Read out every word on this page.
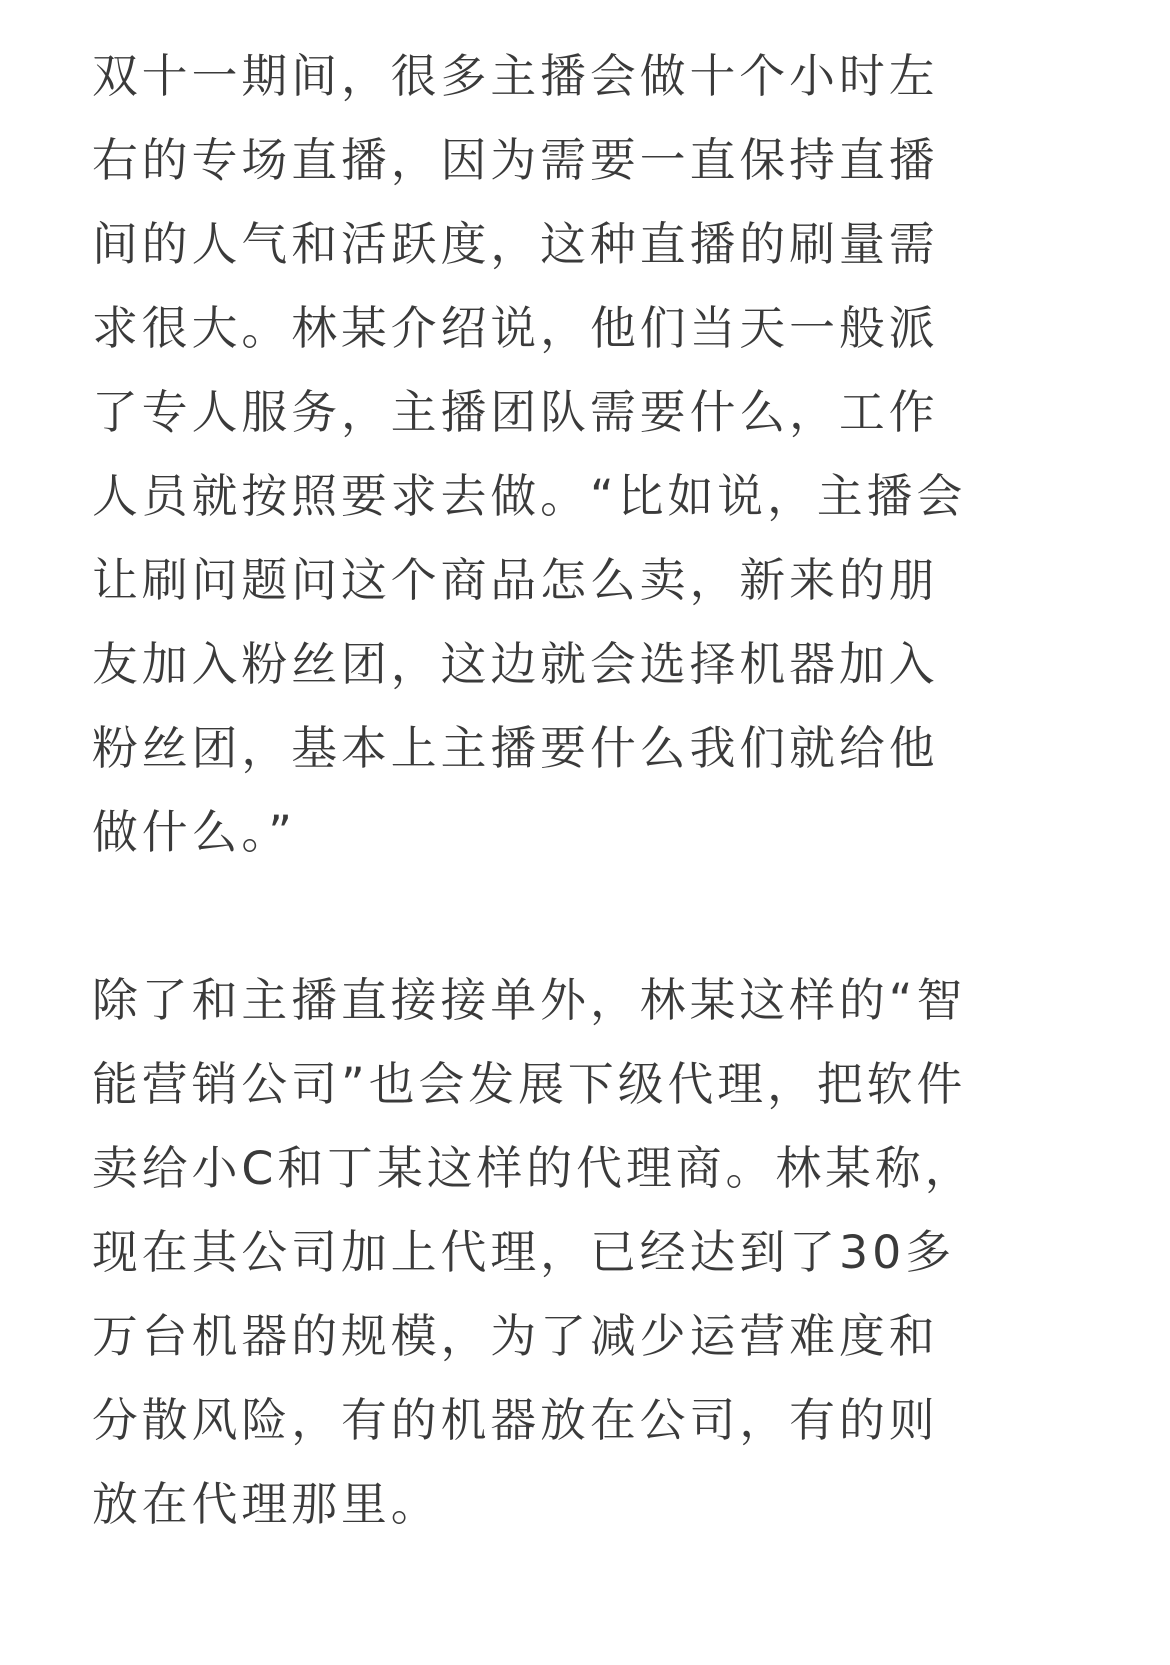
双十一期间，很多主播会做十个小时左
右的专场直播，因为需要一直保持直播
间的人气和活跃度，这种直播的刷量需
求很大。林某介绍说，他们当天一般派
了专人服务，主播团队需要什么，工作
人员就按照要求去做。“比如说，主播会
让刷问题问这个商品怎么卖，新来的朋
友加入粉丝团，这边就会选择机器加入
粉丝团，基本上主播要什么我们就给他
做什么。”

除了和主播直接接单外，林某这样的“智
能营销公司”也会发展下级代理，把软件
卖给小C和丁某这样的代理商。林某称，
现在其公司加上代理，已经达到了30多
万台机器的规模，为了减少运营难度和
分散风险，有的机器放在公司，有的则
放在代理那里。
